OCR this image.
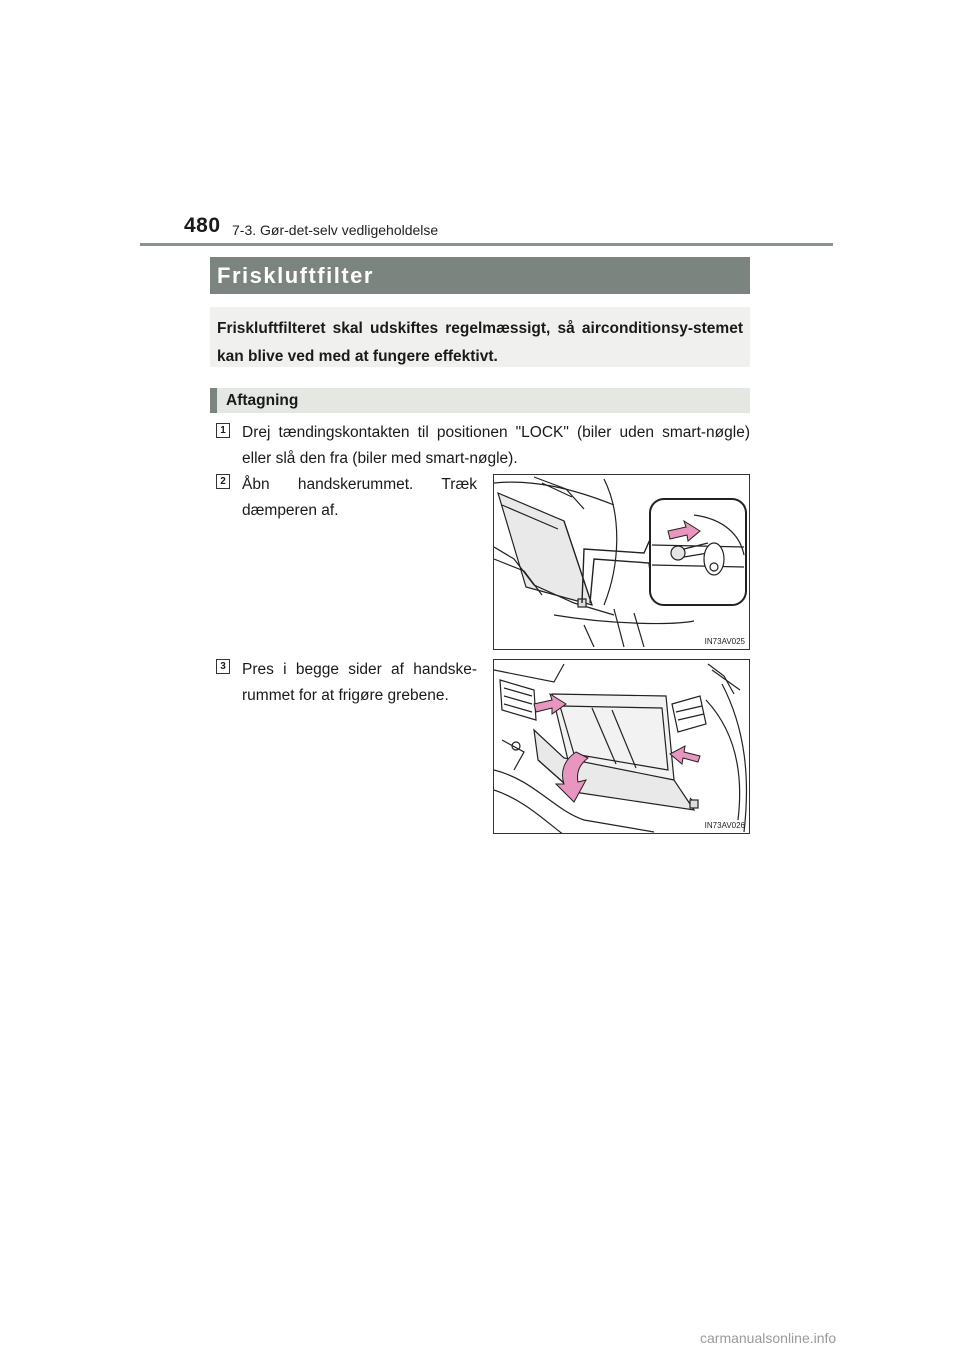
480 7-3. Gør-det-selv vedligeholdelse
Friskluftfilter
Friskluftfilteret skal udskiftes regelmæssigt, så airconditionsy-stemet kan blive ved med at fungere effektivt.
Aftagning
1 Drej tændingskontakten til positionen "LOCK" (biler uden smart-nøgle) eller slå den fra (biler med smart-nøgle).
2 Åbn handskerummet. Træk dæmperen af.
IN73AV025
3 Pres i begge sider af handske-rummet for at frigøre grebene.
IN73AV026
carmanualsonline.info
